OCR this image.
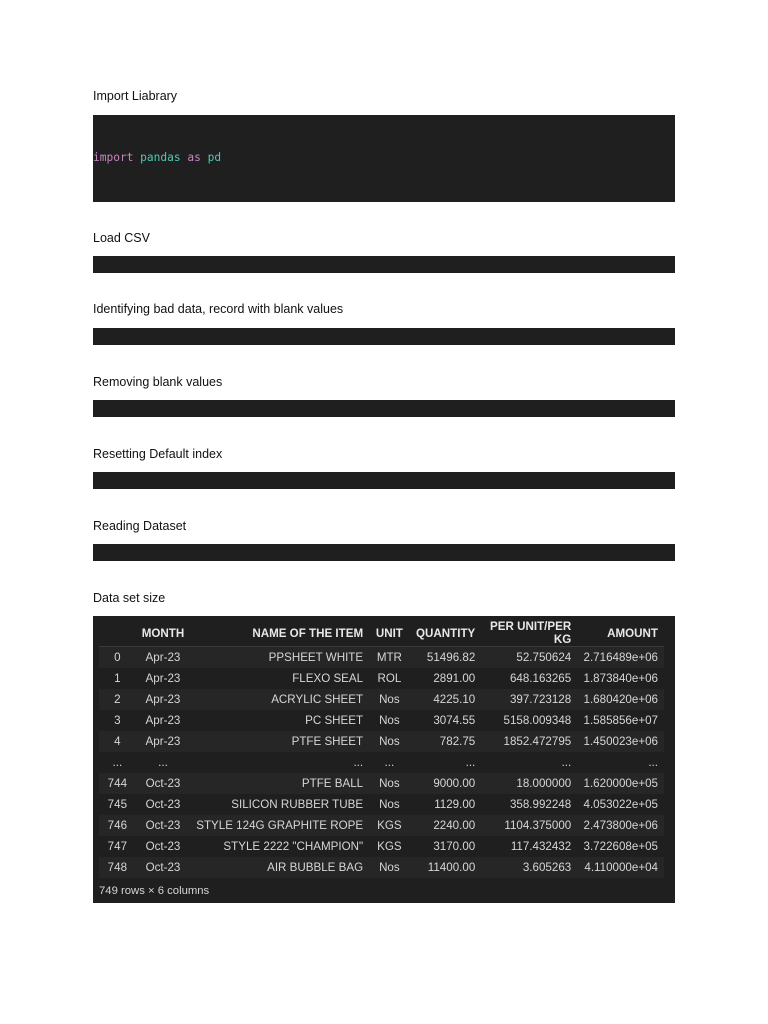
Import Liabrary

import pandas as pd

Load CSV

Identifying bad data, record with blank values

Removing blank values

Resetting Default index

Reading Dataset

Data set size
	MONTH	NAME OF THE ITEM	UNIT	QUANTITY	PER UNIT/PER KG	AMOUNT
0	Apr-23	PPSHEET WHITE	MTR	51496.82	52.750624	2.716489e+06
1	Apr-23	FLEXO SEAL	ROL	2891.00	648.163265	1.873840e+06
2	Apr-23	ACRYLIC SHEET	Nos	4225.10	397.723128	1.680420e+06
3	Apr-23	PC SHEET	Nos	3074.55	5158.009348	1.585856e+07
4	Apr-23	PTFE SHEET	Nos	782.75	1852.472795	1.450023e+06
...	...	...	...	...	...	...
744	Oct-23	PTFE BALL	Nos	9000.00	18.000000	1.620000e+05
745	Oct-23	SILICON RUBBER TUBE	Nos	1129.00	358.992248	4.053022e+05
746	Oct-23	STYLE 124G GRAPHITE ROPE	KGS	2240.00	1104.375000	2.473800e+06
747	Oct-23	STYLE 2222 "CHAMPION"	KGS	3170.00	117.432432	3.722608e+05
748	Oct-23	AIR BUBBLE BAG	Nos	11400.00	3.605263	4.110000e+04
749 rows × 6 columns
